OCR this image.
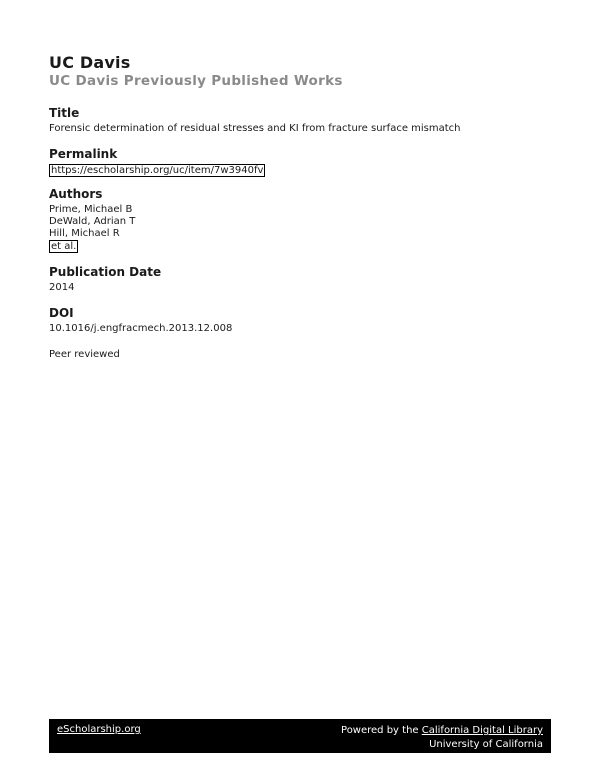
UC Davis
UC Davis Previously Published Works
Title
Forensic determination of residual stresses and KI from fracture surface mismatch
Permalink
https://escholarship.org/uc/item/7w3940fv
Authors
Prime, Michael B
DeWald, Adrian T
Hill, Michael R
et al.
Publication Date
2014
DOI
10.1016/j.engfracmech.2013.12.008
Peer reviewed
eScholarship.org	Powered by the California Digital Library
University of California
